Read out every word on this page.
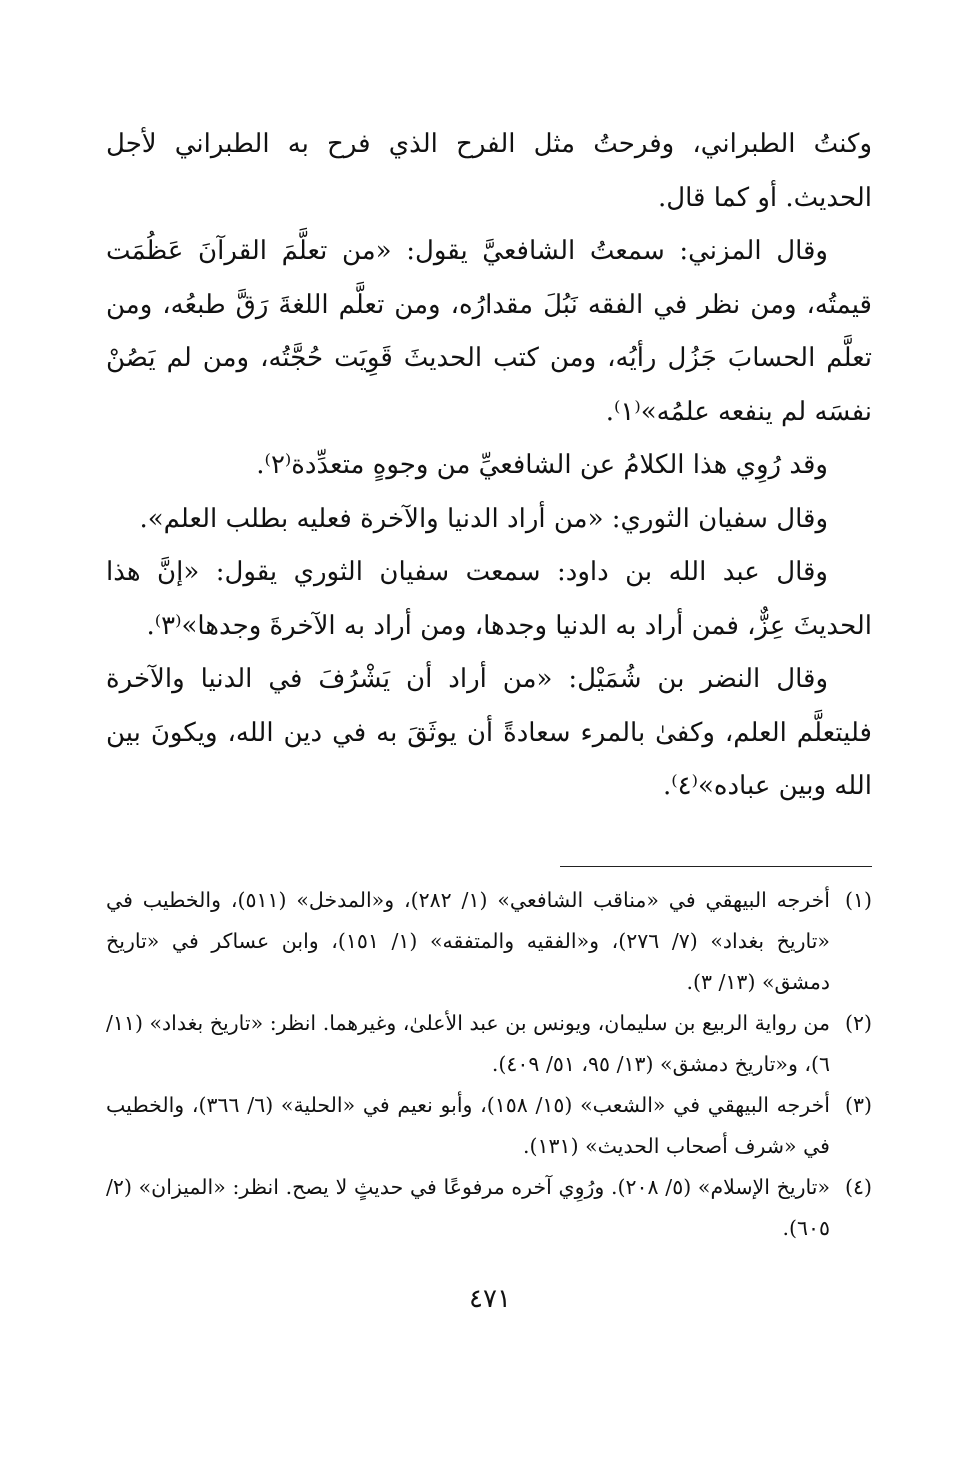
وكنتُ الطبراني، وفرحتُ مثل الفرح الذي فرح به الطبراني لأجل الحديث. أو كما قال.

وقال المزني: سمعتُ الشافعيَّ يقول: «من تعلَّمَ القرآنَ عَظُمَت قيمتُه، ومن نظر في الفقه نَبُلَ مقدارُه، ومن تعلَّم اللغةَ رَقَّ طبعُه، ومن تعلَّم الحسابَ جَزُل رأيُه، ومن كتب الحديثَ قَوِيَت حُجَّتُه، ومن لم يَصُنْ نفسَه لم ينفعه علمُه»⁽١⁾.

وقد رُوِي هذا الكلامُ عن الشافعيِّ من وجوهٍ متعدِّدة⁽٢⁾.

وقال سفيان الثوري: «من أراد الدنيا والآخرة فعليه بطلب العلم».

وقال عبد الله بن داود: سمعت سفيان الثوري يقول: «إنَّ هذا الحديثَ عِزٌّ، فمن أراد به الدنيا وجدها، ومن أراد به الآخرةَ وجدها»⁽٣⁾.

وقال النضر بن شُمَيْل: «من أراد أن يَشْرُفَ في الدنيا والآخرة فليتعلَّم العلم، وكفىٰ بالمرء سعادةً أن يوثَقَ به في دين الله، ويكونَ بين الله وبين عباده»⁽٤⁾.

(١)
أخرجه البيهقي في «مناقب الشافعي» (١/ ٢٨٢)، و«المدخل» (٥١١)، والخطيب في «تاريخ بغداد» (٧/ ٢٧٦)، و«الفقيه والمتفقه» (١/ ١٥١)، وابن عساكر في «تاريخ دمشق» (١٣/ ٣).
(٢)
من رواية الربيع بن سليمان، ويونس بن عبد الأعلىٰ، وغيرهما. انظر: «تاريخ بغداد» (١١/ ٦)، و«تاريخ دمشق» (١٣/ ٩٥، ٥١/ ٤٠٩).
(٣)
أخرجه البيهقي في «الشعب» (١٥/ ١٥٨)، وأبو نعيم في «الحلية» (٦/ ٣٦٦)، والخطيب في «شرف أصحاب الحديث» (١٣١).
(٤)
«تاريخ الإسلام» (٥/ ٢٠٨). ورُوِي آخره مرفوعًا في حديثٍ لا يصح. انظر: «الميزان» (٢/ ٦٠٥).
٤٧١
